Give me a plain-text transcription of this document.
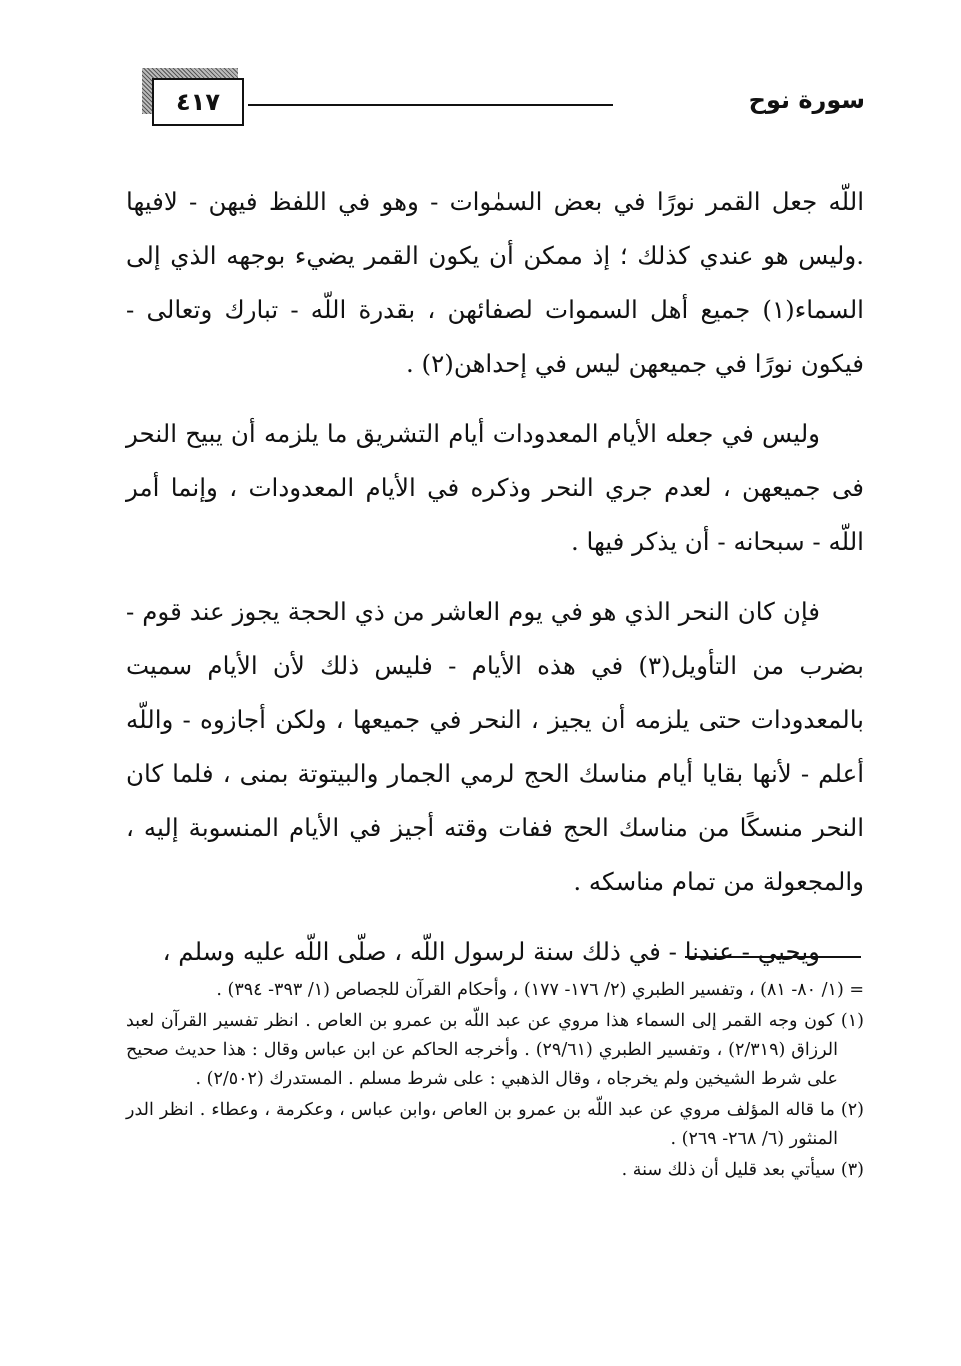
سورة نوح
٤١٧

اللّه جعل القمر نورًا في بعض السمٰوات - وهو في اللفظ فيهن - لافيها .وليس هو عندي كذلك ؛ إذ ممكن أن يكون القمر يضيء بوجهه الذي إلى السماء(١) جميع أهل السموات لصفائهن ، بقدرة اللّه - تبارك وتعالى - فيكون نورًا في جميعهن ليس في إحداهن(٢) .

وليس في جعله الأيام المعدودات أيام التشريق ما يلزمه أن يبيح النحر فى جميعهن ، لعدم جري النحر وذكره في الأيام المعدودات ، وإنما أمر اللّه - سبحانه - أن يذكر فيها .

فإن كان النحر الذي هو في يوم العاشر من ذي الحجة يجوز عند قوم - بضرب من التأويل(٣) في هذه الأيام - فليس ذلك لأن الأيام سميت بالمعدودات حتى يلزمه أن يجيز ، النحر في جميعها ، ولكن أجازوه - واللّه أعلم - لأنها بقايا أيام مناسك الحج لرمي الجمار والبيتوتة بمنى ، فلما كان النحر منسكًا من مناسك الحج ففات وقته أجيز في الأيام المنسوبة إليه ، والمجعولة من تمام مناسكه .

ويحيي - عندنا - في ذلك سنة لرسول اللّه ، صلّى اللّه عليه وسلم ،

= (١/ ٨٠- ٨١) ، وتفسير الطبري (٢/ ١٧٦- ١٧٧) ، وأحكام القرآن للجصاص (١/ ٣٩٣- ٣٩٤) .

(١) كون وجه القمر إلى السماء هذا مروي عن عبد اللّه بن عمرو بن العاص . انظر تفسير القرآن لعبد الرزاق (٢/٣١٩) ، وتفسير الطبري (٢٩/٦١) . وأخرجه الحاكم عن ابن عباس وقال : هذا حديث صحيح على شرط الشيخين ولم يخرجاه ، وقال الذهبي : على شرط مسلم . المستدرك (٢/٥٠٢) .

(٢) ما قاله المؤلف مروي عن عبد اللّه بن عمرو بن العاص ،وابن عباس ، وعكرمة ، وعطاء . انظر الدر المنثور (٦/ ٢٦٨- ٢٦٩) .

(٣) سيأتي بعد قليل أن ذلك سنة .
